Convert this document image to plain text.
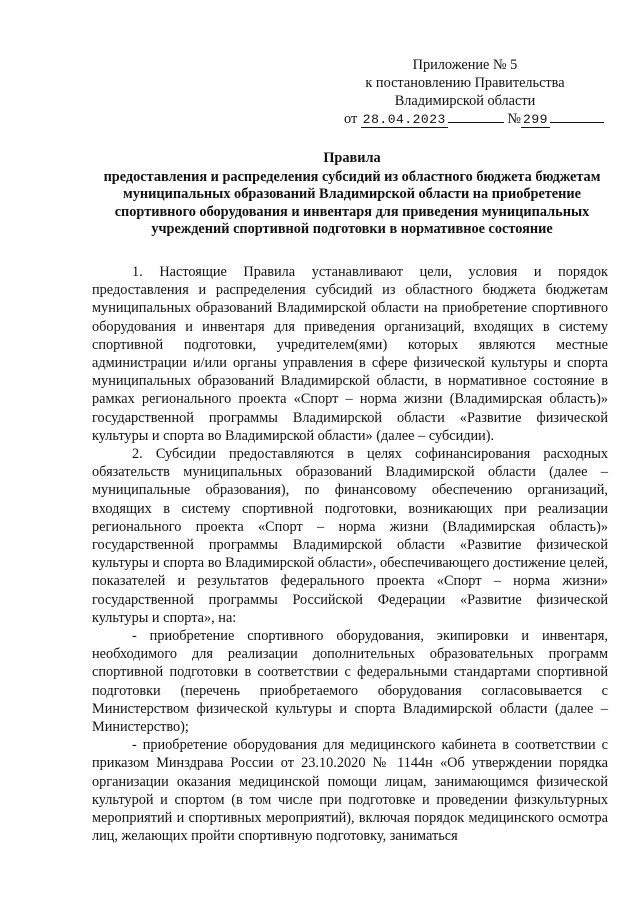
Приложение № 5
к постановлению Правительства
Владимирской области
от 28.04.2023	№ 299
Правила
предоставления и распределения субсидий из областного бюджета бюджетам муниципальных образований Владимирской области на приобретение спортивного оборудования и инвентаря для приведения муниципальных учреждений спортивной подготовки в нормативное состояние

1. Настоящие Правила устанавливают цели, условия и порядок предоставления и распределения субсидий из областного бюджета бюджетам муниципальных образований Владимирской области на приобретение спортивного оборудования и инвентаря для приведения организаций, входящих в систему спортивной подготовки, учредителем(ями) которых являются местные администрации и/или органы управления в сфере физической культуры и спорта муниципальных образований Владимирской области, в нормативное состояние в рамках регионального проекта «Спорт – норма жизни (Владимирская область)» государственной программы Владимирской области «Развитие физической культуры и спорта во Владимирской области» (далее – субсидии).

2. Субсидии предоставляются в целях софинансирования расходных обязательств муниципальных образований Владимирской области (далее – муниципальные образования), по финансовому обеспечению организаций, входящих в систему спортивной подготовки, возникающих при реализации регионального проекта «Спорт – норма жизни (Владимирская область)» государственной программы Владимирской области «Развитие физической культуры и спорта во Владимирской области», обеспечивающего достижение целей, показателей и результатов федерального проекта «Спорт – норма жизни» государственной программы Российской Федерации «Развитие физической культуры и спорта», на:

- приобретение спортивного оборудования, экипировки и инвентаря, необходимого для реализации дополнительных образовательных программ спортивной подготовки в соответствии с федеральными стандартами спортивной подготовки (перечень приобретаемого оборудования согласовывается с Министерством физической культуры и спорта Владимирской области (далее – Министерство);

- приобретение оборудования для медицинского кабинета в соответствии с приказом Минздрава России от 23.10.2020 № 1144н «Об утверждении порядка организации оказания медицинской помощи лицам, занимающимся физической культурой и спортом (в том числе при подготовке и проведении физкультурных мероприятий и спортивных мероприятий), включая порядок медицинского осмотра лиц, желающих пройти спортивную подготовку, заниматься
